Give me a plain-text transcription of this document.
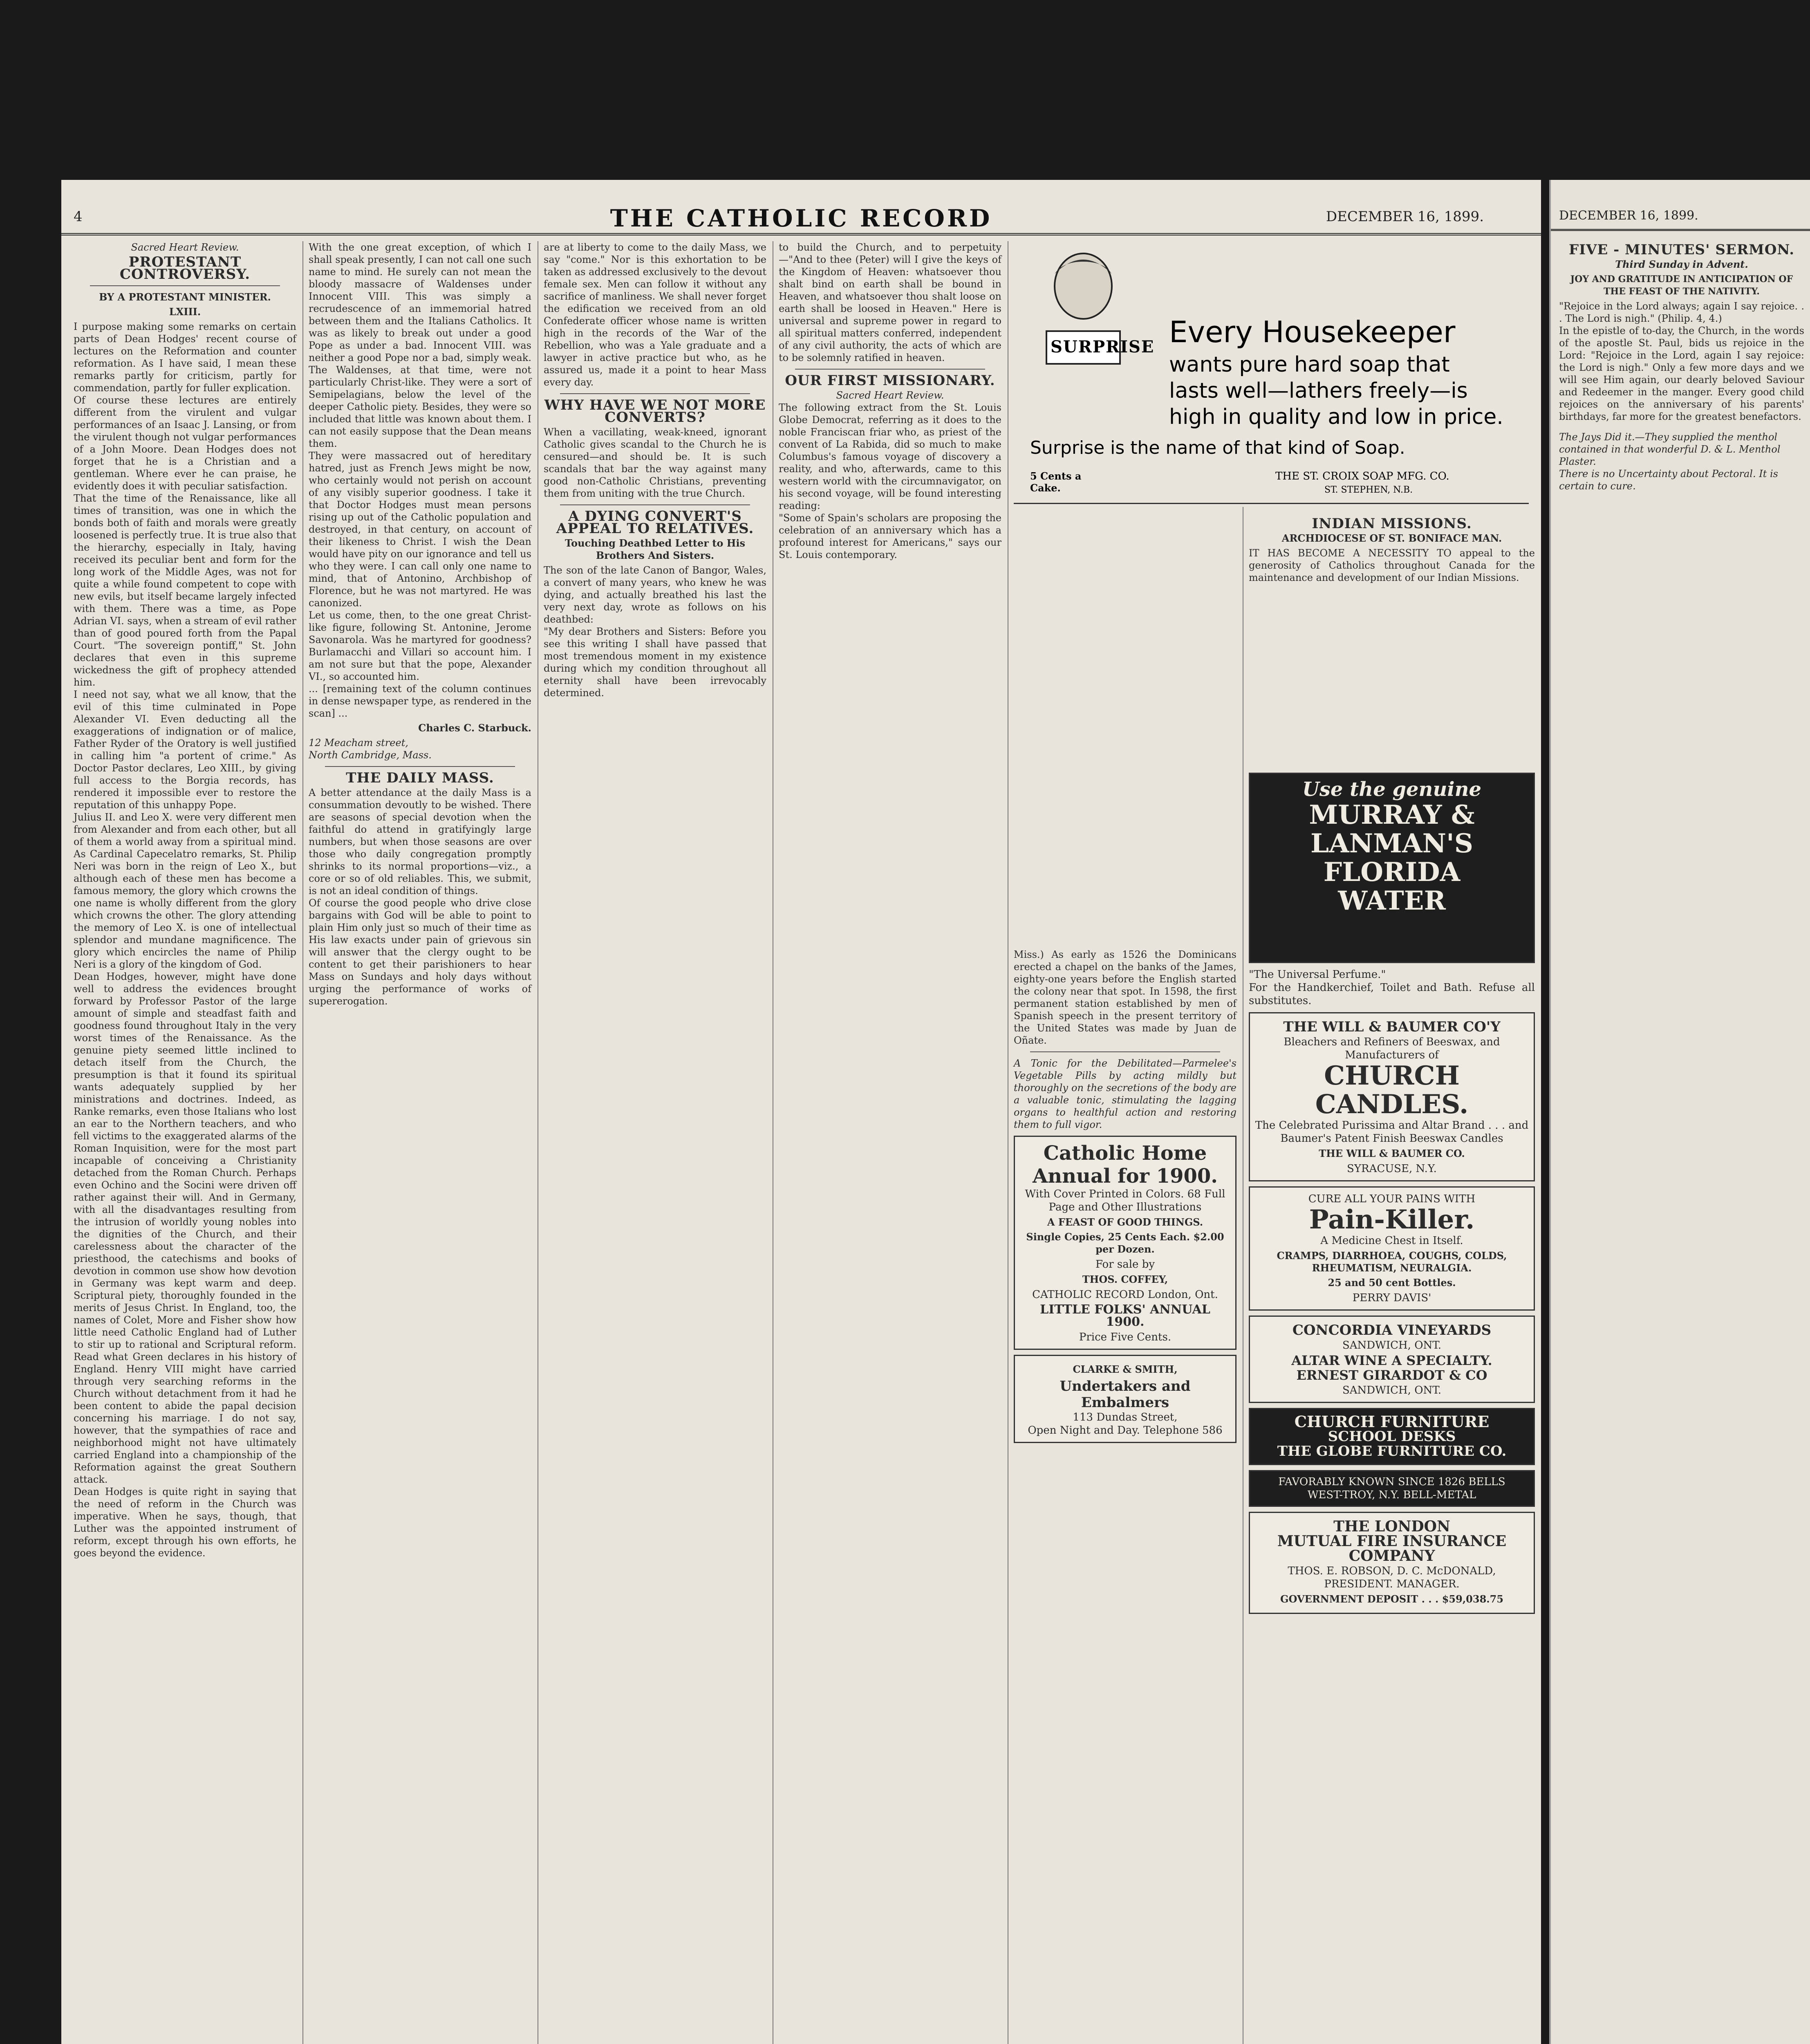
4	THE CATHOLIC RECORD	DECEMBER 16, 1899.
Sacred Heart Review.
PROTESTANT CONTROVERSY.
BY A PROTESTANT MINISTER.
LXIII.
I purpose making some remarks on certain parts of Dean Hodges' recent course of lectures on the Reformation and counter reformation. As I have said, I mean these remarks partly for criticism, partly for commendation, partly for fuller explication.
Of course these lectures are entirely different from the virulent and vulgar performances of an Isaac J. Lansing, or from the virulent though not vulgar performances of a John Moore. Dean Hodges does not forget that he is a Christian and a gentleman. Where ever he can praise, he evidently does it with peculiar satisfaction.
That the time of the Renaissance, like all times of transition, was one in which the bonds both of faith and morals were greatly loosened is perfectly true. It is true also that the hierarchy, especially in Italy, having received its peculiar bent and form for the long work of the Middle Ages, was not for quite a while found competent to cope with new evils, but itself became largely infected with them. There was a time, as Pope Adrian VI. says, when a stream of evil rather than of good poured forth from the Papal Court. "The sovereign pontiff," St. John declares that even in this supreme wickedness the gift of prophecy attended him.
I need not say, what we all know, that the evil of this time culminated in Pope Alexander VI. Even deducting all the exaggerations of indignation or of malice, Father Ryder of the Oratory is well justified in calling him "a portent of crime." As Doctor Pastor declares, Leo XIII., by giving full access to the Borgia records, has rendered it impossible ever to restore the reputation of this unhappy Pope.
Julius II. and Leo X. were very different men from Alexander and from each other, but all of them a world away from a spiritual mind. As Cardinal Capecelatro remarks, St. Philip Neri was born in the reign of Leo X., but although each of these men has become a famous memory, the glory which crowns the one name is wholly different from the glory which crowns the other. The glory attending the memory of Leo X. is one of intellectual splendor and mundane magnificence. The glory which encircles the name of Philip Neri is a glory of the kingdom of God.
Dean Hodges, however, might have done well to address the evidences brought forward by Professor Pastor of the large amount of simple and steadfast faith and goodness found throughout Italy in the very worst times of the Renaissance. As the genuine piety seemed little inclined to detach itself from the Church, the presumption is that it found its spiritual wants adequately supplied by her ministrations and doctrines. Indeed, as Ranke remarks, even those Italians who lost an ear to the Northern teachers, and who fell victims to the exaggerated alarms of the Roman Inquisition, were for the most part incapable of conceiving a Christianity detached from the Roman Church. Perhaps even Ochino and the Socini were driven off rather against their will. And in Germany, with all the disadvantages resulting from the intrusion of worldly young nobles into the dignities of the Church, and their carelessness about the character of the priesthood, the catechisms and books of devotion in common use show how devotion in Germany was kept warm and deep. Scriptural piety, thoroughly founded in the merits of Jesus Christ. In England, too, the names of Colet, More and Fisher show how little need Catholic England had of Luther to stir up to rational and Scriptural reform. Read what Green declares in his history of England. Henry VIII might have carried through very searching reforms in the Church without detachment from it had he been content to abide the papal decision concerning his marriage. I do not say, however, that the sympathies of race and neighborhood might not have ultimately carried England into a championship of the Reformation against the great Southern attack.
Dean Hodges is quite right in saying that the need of reform in the Church was imperative. When he says, though, that Luther was the appointed instrument of reform, except through his own efforts, he goes beyond the evidence.
With the one great exception, of which I shall speak presently, I can not call one such name to mind. He surely can not mean the bloody massacre of Waldenses under Innocent VIII. This was simply a recrudescence of an immemorial hatred between them and the Italians Catholics. It was as likely to break out under a good Pope as under a bad. Innocent VIII. was neither a good Pope nor a bad, simply weak. The Waldenses, at that time, were not particularly Christ-like. They were a sort of Semipelagians, below the level of the deeper Catholic piety. Besides, they were so included that little was known about them. I can not easily suppose that the Dean means them.
They were massacred out of hereditary hatred, just as French Jews might be now, who certainly would not perish on account of any visibly superior goodness. I take it that Doctor Hodges must mean persons rising up out of the Catholic population and destroyed, in that century, on account of their likeness to Christ. I wish the Dean would have pity on our ignorance and tell us who they were. I can call only one name to mind, that of Antonino, Archbishop of Florence, but he was not martyred. He was canonized.
Let us come, then, to the one great Christ-like figure, following St. Antonine, Jerome Savonarola. Was he martyred for goodness? Burlamacchi and Villari so account him. I am not sure but that the pope, Alexander VI., so accounted him.
... [remaining text of the column continues in dense newspaper type, as rendered in the scan] ...
Charles C. Starbuck.
12 Meacham street,
North Cambridge, Mass.
THE DAILY MASS.
A better attendance at the daily Mass is a consummation devoutly to be wished. There are seasons of special devotion when the faithful do attend in gratifyingly large numbers, but when those seasons are over those who daily congregation promptly shrinks to its normal proportions—viz., a core or so of old reliables. This, we submit, is not an ideal condition of things.
Of course the good people who drive close bargains with God will be able to point to plain Him only just so much of their time as His law exacts under pain of grievous sin will answer that the clergy ought to be content to get their parishioners to hear Mass on Sundays and holy days without urging the performance of works of supererogation.
are at liberty to come to the daily Mass, we say "come." Nor is this exhortation to be taken as addressed exclusively to the devout female sex. Men can follow it without any sacrifice of manliness. We shall never forget the edification we received from an old Confederate officer whose name is written high in the records of the War of the Rebellion, who was a Yale graduate and a lawyer in active practice but who, as he assured us, made it a point to hear Mass every day.
WHY HAVE WE NOT MORE CONVERTS?
When a vacillating, weak-kneed, ignorant Catholic gives scandal to the Church he is censured—and should be. It is such scandals that bar the way against many good non-Catholic Christians, preventing them from uniting with the true Church.
A DYING CONVERT'S APPEAL TO RELATIVES.
Touching Deathbed Letter to His Brothers And Sisters.
The son of the late Canon of Bangor, Wales, a convert of many years, who knew he was dying, and actually breathed his last the very next day, wrote as follows on his deathbed:
"My dear Brothers and Sisters: Before you see this writing I shall have passed that most tremendous moment in my existence during which my condition throughout all eternity shall have been irrevocably determined.
to build the Church, and to perpetuity—"And to thee (Peter) will I give the keys of the Kingdom of Heaven: whatsoever thou shalt bind on earth shall be bound in Heaven, and whatsoever thou shalt loose on earth shall be loosed in Heaven." Here is universal and supreme power in regard to all spiritual matters conferred, independent of any civil authority, the acts of which are to be solemnly ratified in heaven.
OUR FIRST MISSIONARY.
Sacred Heart Review.
The following extract from the St. Louis Globe Democrat, referring as it does to the noble Franciscan friar who, as priest of the convent of La Rabida, did so much to make Columbus's famous voyage of discovery a reality, and who, afterwards, came to this western world with the circumnavigator, on his second voyage, will be found interesting reading:
"Some of Spain's scholars are proposing the celebration of an anniversary which has a profound interest for Americans," says our St. Louis contemporary.
Miss.) As early as 1526 the Dominicans erected a chapel on the banks of the James, eighty-one years before the English started the colony near that spot. In 1598, the first permanent station established by men of Spanish speech in the present territory of the United States was made by Juan de Oñate.
A Tonic for the Debilitated—Parmelee's Vegetable Pills by acting mildly but thoroughly on the secretions of the body are a valuable tonic, stimulating the lagging organs to healthful action and restoring them to full vigor.
Catholic Home Annual for 1900.
With Cover Printed in Colors. 68 Full Page and Other Illustrations
A FEAST OF GOOD THINGS.
Single Copies, 25 Cents Each. $2.00 per Dozen.
For sale by
THOS. COFFEY,
CATHOLIC RECORD London, Ont.
LITTLE FOLKS' ANNUAL 1900.
Price Five Cents.
CLARKE & SMITH,
Undertakers and Embalmers
113 Dundas Street,
Open Night and Day. Telephone 586
SURPRISE Every Housekeeper
wants pure hard soap that lasts well—lathers freely—is high in quality and low in price.
Surprise is the name of that kind of Soap.
5 Cents a Cake.
THE ST. CROIX SOAP MFG. CO.
ST. STEPHEN, N.B.
INDIAN MISSIONS.
ARCHDIOCESE OF ST. BONIFACE MAN.
IT HAS BECOME A NECESSITY TO appeal to the generosity of Catholics throughout Canada for the maintenance and development of our Indian Missions.
Use the genuine
MURRAY &
LANMAN'S
FLORIDA
WATER
"The Universal Perfume."
For the Handkerchief, Toilet and Bath. Refuse all substitutes.
THE WILL & BAUMER CO'Y
Bleachers and Refiners of Beeswax, and Manufacturers of
CHURCH CANDLES.
The Celebrated Purissima and Altar Brand . . . and Baumer's Patent Finish Beeswax Candles
THE WILL & BAUMER CO.
SYRACUSE, N.Y.
CURE ALL YOUR PAINS WITH
Pain-Killer.
A Medicine Chest in Itself.
CRAMPS, DIARRHOEA, COUGHS, COLDS, RHEUMATISM, NEURALGIA.
25 and 50 cent Bottles.
PERRY DAVIS'
CONCORDIA VINEYARDS
SANDWICH, ONT.
ALTAR WINE A SPECIALTY.
ERNEST GIRARDOT & CO
SANDWICH, ONT.
CHURCH FURNITURE
SCHOOL DESKS
THE GLOBE FURNITURE CO.
FAVORABLY KNOWN SINCE 1826 BELLS
WEST-TROY, N.Y. BELL-METAL
THE LONDON
MUTUAL FIRE INSURANCE
COMPANY
THOS. E. ROBSON, D. C. McDONALD,
PRESIDENT. MANAGER.
GOVERNMENT DEPOSIT . . . $59,038.75
DECEMBER 16, 1899.
FIVE - MINUTES' SERMON.
Third Sunday in Advent.
JOY AND GRATITUDE IN ANTICIPATION OF THE FEAST OF THE NATIVITY.
"Rejoice in the Lord always; again I say rejoice. . . The Lord is nigh." (Philip. 4, 4.)
In the epistle of to-day, the Church, in the words of the apostle St. Paul, bids us rejoice in the Lord: "Rejoice in the Lord, again I say rejoice: the Lord is nigh." Only a few more days and we will see Him again, our dearly beloved Saviour and Redeemer in the manger. Every good child rejoices on the anniversary of his parents' birthdays, far more for the greatest benefactors.
The Jays Did it.—They supplied the menthol contained in that wonderful D. & L. Menthol Plaster.
There is no Uncertainty about Pectoral. It is certain to cure.
